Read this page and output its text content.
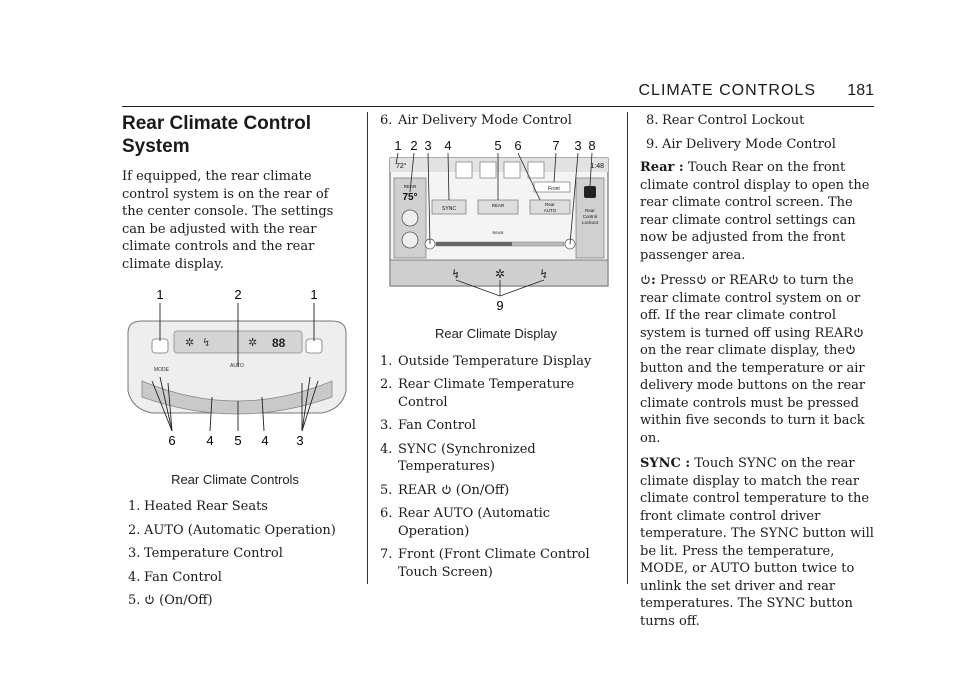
CLIMATE CONTROLS 181
Rear Climate Control System

If equipped, the rear climate control system is on the rear of the center console. The settings can be adjusted with the rear climate controls and the rear climate display.

1	2	1
✲ ↯	✲ 88
MODE
AUTO
6 4 5 4 3
Rear Climate Controls
1. Heated Rear Seats
2. AUTO (Automatic Operation)
3. Temperature Control
4. Fan Control
5. (On/Off)
6. Air Delivery Mode Control
1 2 3 4	5 6 7 3 8
72°	1:48
Front
REAR
75°
SYNC
REAR	Rear
AUTO	Rear
Control
Lockout
REAR
↯	✲	↯
9
Rear Climate Display
1. Outside Temperature Display
2. Rear Climate Temperature Control
3. Fan Control
4. SYNC (Synchronized Temperatures)
5. REAR (On/Off)
6. Rear AUTO (Automatic Operation)
7. Front (Front Climate Control Touch Screen)
8. Rear Control Lockout
9. Air Delivery Mode Control

Rear : Touch Rear on the front climate control display to open the rear climate control screen. The rear climate control settings can now be adjusted from the front passenger area.

: Press or REAR to turn the rear climate control system on or off. If the rear climate control system is turned off using REAR on the rear climate display, the button and the temperature or air delivery mode buttons on the rear climate controls must be pressed within five seconds to turn it back on.

SYNC : Touch SYNC on the rear climate display to match the rear climate control temperature to the front climate control driver temperature. The SYNC button will be lit. Press the temperature, MODE, or AUTO button twice to unlink the set driver and rear temperatures. The SYNC button turns off.
